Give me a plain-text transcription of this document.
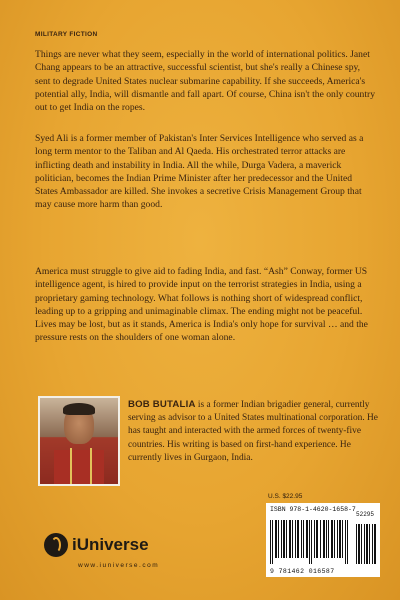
MILITARY FICTION

Things are never what they seem, especially in the world of international politics. Janet Chang appears to be an attractive, successful scientist, but she's really a Chinese spy, sent to degrade United States nuclear submarine capability. If she succeeds, America's potential ally, India, will dismantle and fall apart. Of course, China isn't the only country out to get India on the ropes.

Syed Ali is a former member of Pakistan's Inter Services Intelligence who served as a long term mentor to the Taliban and Al Qaeda. His orchestrated terror attacks are inflicting death and instability in India. All the while, Durga Vadera, a maverick politician, becomes the Indian Prime Minister after her predecessor and the United States Ambassador are killed. She invokes a secretive Crisis Management Group that may cause more harm than good.

America must struggle to give aid to fading India, and fast. “Ash” Conway, former US intelligence agent, is hired to provide input on the terrorist strategies in India, using a proprietary gaming technology. What follows is nothing short of widespread conflict, leading up to a gripping and unimaginable climax. The ending might not be peaceful. Lives may be lost, but as it stands, America is India's only hope for survival … and the pressure rests on the shoulders of one woman alone.

BOB BUTALIA is a former Indian brigadier general, currently serving as advisor to a United States multinational corporation. He has taught and interacted with the armed forces of twenty-five countries. His writing is based on first-hand experience. He currently lives in Gurgaon, India.

iUniverse
www.iuniverse.com
U.S. $22.95
ISBN 978-1-4620-1658-7
52295
9 781462 016587
